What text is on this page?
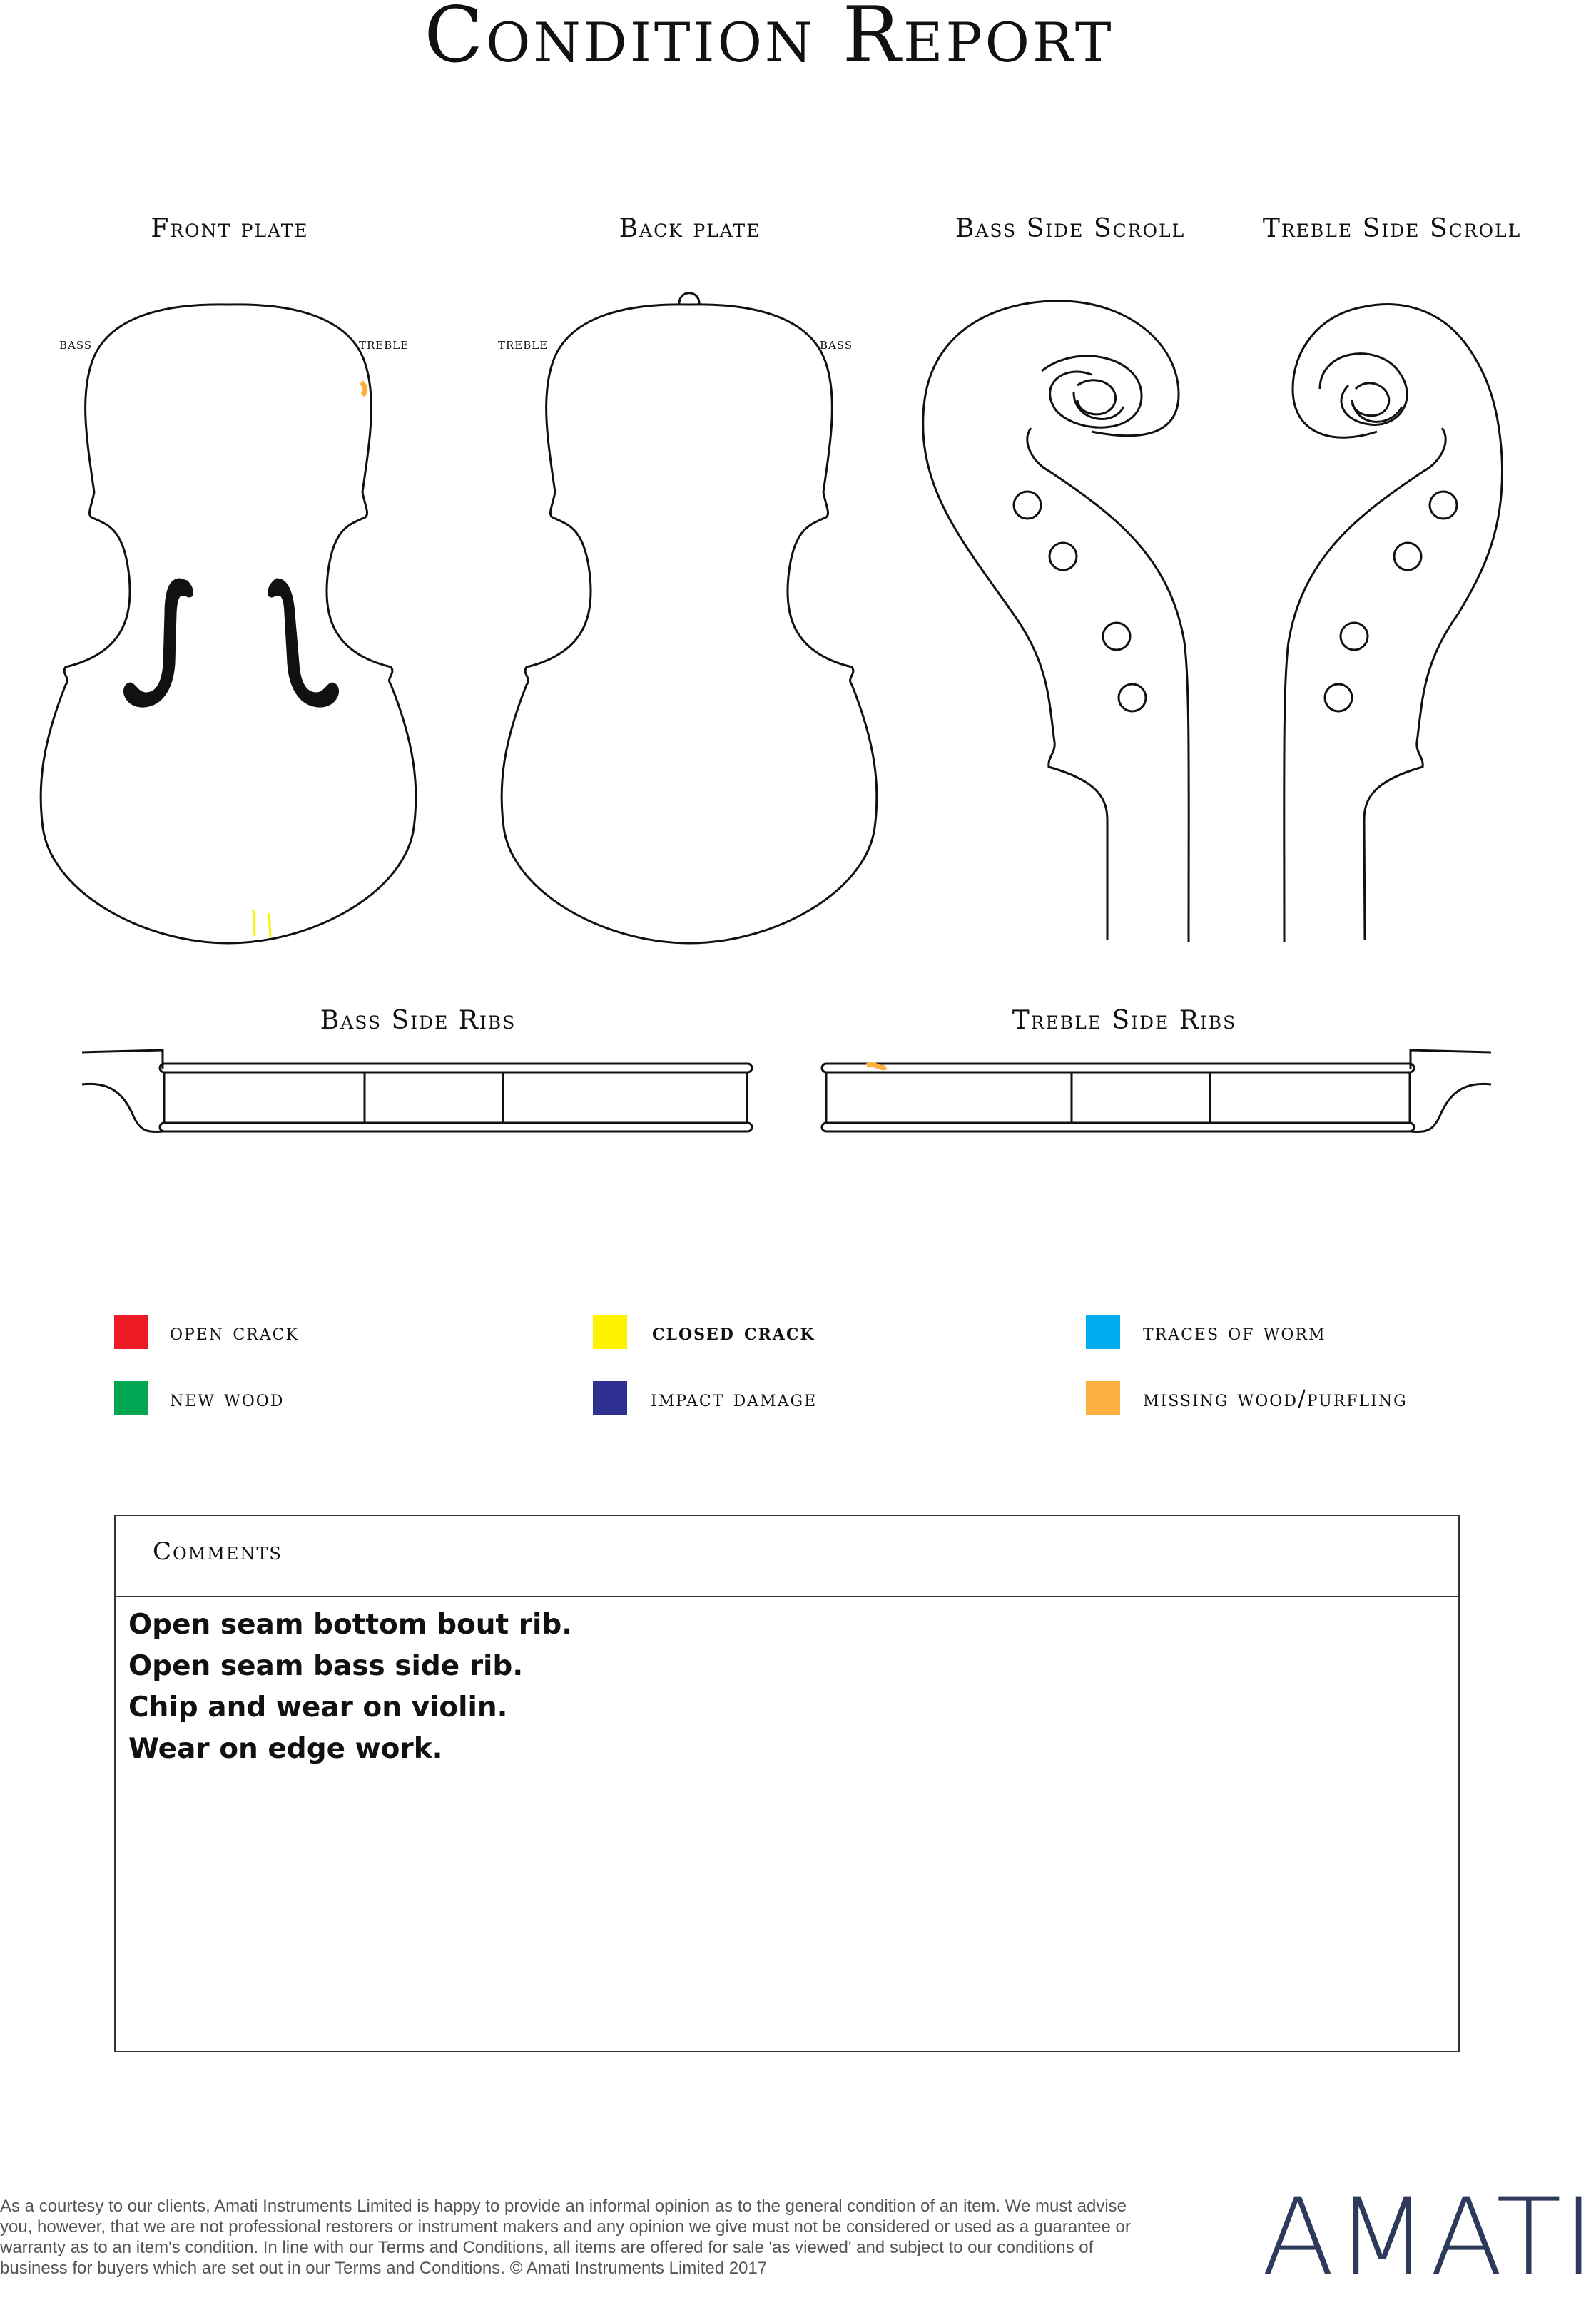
Condition Report
Front plate	Back plate	Bass Side Scroll	Treble Side Scroll
Bass Side Ribs	Treble Side Ribs
bass	treble	treble	bass
open crack	closed crack	traces of worm
new wood	impact damage	missing wood/purfling
Comments
Open seam bottom bout rib.
Open seam bass side rib.
Chip and wear on violin.
Wear on edge work.
As a courtesy to our clients, Amati Instruments Limited is happy to provide an informal opinion as to the general condition of an item. We must advise you, however, that we are not professional restorers or instrument makers and any opinion we give must not be considered or used as a guarantee or warranty as to an item's condition. In line with our Terms and Conditions, all items are offered for sale 'as viewed' and subject to our conditions of business for buyers which are set out in our Terms and Conditions. © Amati Instruments Limited 2017	AMATI
